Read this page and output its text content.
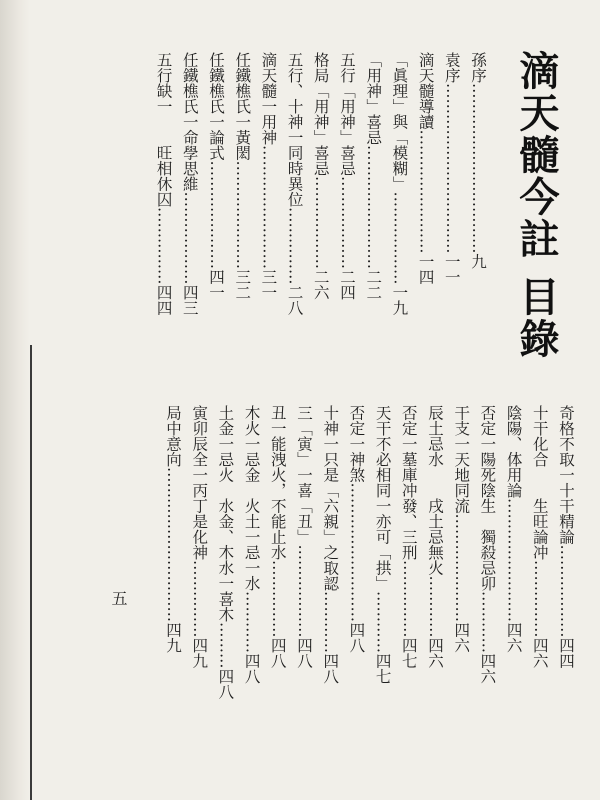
滴天髓今註 目錄
孫序……………………………九
袁序……………………………一一
滴天髓導讀……………………一四
「眞理」與「模糊」………………一九
「用神」喜忌……………………二二
五行「用神」喜忌………………二四
格局「用神」喜忌………………二六
五行、十神一同時異位……………二八
滴天髓一用神……………………三一
任鐵樵氏一黃閎…………………三二
任鐵樵氏一論式…………………四一
任鐵樵氏一命學思維………………四三
五行缺一　　旺相休囚……………四四
奇格不取一十干精論………………四四
十干化合　　生旺論冲……………四六
陰陽、体用論……………………四六
否定一陽死陰生　獨殺忌卯…………四六
干支一天地同流…………………四六
辰土忌水　　戌土忌無火…………四六
否定一墓庫冲發、三刑……………四七
天干不必相同一亦可「拱」…………四七
否定一神煞………………………四八
十神一只是「六親」之取認…………四八
三「寅」一喜「丑」………………四八
丑一能洩火，不能止水……………四八
木火一忌金　火土一忌一水…………四八
土金一忌火　水金、木水一喜木………四八
寅卯辰全一丙丁是化神……………四九
局中意向…………………………四九
五
